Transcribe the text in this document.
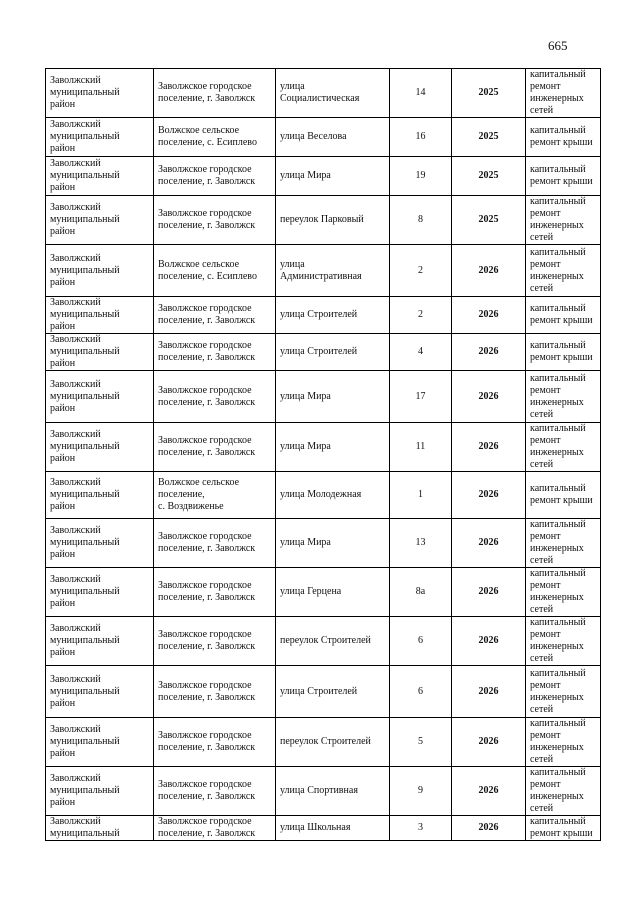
665
Заволжский
муниципальный
район	Заволжское городское
поселение, г. Заволжск	улица
Социалистическая	14	2025	капитальный
ремонт
инженерных
сетей
Заволжский
муниципальный
район	Волжское сельское
поселение, с. Есиплево	улица Веселова	16	2025	капитальный
ремонт крыши
Заволжский
муниципальный
район	Заволжское городское
поселение, г. Заволжск	улица Мира	19	2025	капитальный
ремонт крыши
Заволжский
муниципальный
район	Заволжское городское
поселение, г. Заволжск	переулок Парковый	8	2025	капитальный
ремонт
инженерных
сетей
Заволжский
муниципальный
район	Волжское сельское
поселение, с. Есиплево	улица
Административная	2	2026	капитальный
ремонт
инженерных
сетей
Заволжский
муниципальный
район	Заволжское городское
поселение, г. Заволжск	улица Строителей	2	2026	капитальный
ремонт крыши
Заволжский
муниципальный
район	Заволжское городское
поселение, г. Заволжск	улица Строителей	4	2026	капитальный
ремонт крыши
Заволжский
муниципальный
район	Заволжское городское
поселение, г. Заволжск	улица Мира	17	2026	капитальный
ремонт
инженерных
сетей
Заволжский
муниципальный
район	Заволжское городское
поселение, г. Заволжск	улица Мира	11	2026	капитальный
ремонт
инженерных
сетей
Заволжский
муниципальный
район	Волжское сельское
поселение,
с. Воздвиженье	улица Молодежная	1	2026	капитальный
ремонт крыши
Заволжский
муниципальный
район	Заволжское городское
поселение, г. Заволжск	улица Мира	13	2026	капитальный
ремонт
инженерных
сетей
Заволжский
муниципальный
район	Заволжское городское
поселение, г. Заволжск	улица Герцена	8а	2026	капитальный
ремонт
инженерных
сетей
Заволжский
муниципальный
район	Заволжское городское
поселение, г. Заволжск	переулок Строителей	6	2026	капитальный
ремонт
инженерных
сетей
Заволжский
муниципальный
район	Заволжское городское
поселение, г. Заволжск	улица Строителей	6	2026	капитальный
ремонт
инженерных
сетей
Заволжский
муниципальный
район	Заволжское городское
поселение, г. Заволжск	переулок Строителей	5	2026	капитальный
ремонт
инженерных
сетей
Заволжский
муниципальный
район	Заволжское городское
поселение, г. Заволжск	улица Спортивная	9	2026	капитальный
ремонт
инженерных
сетей
Заволжский
муниципальный	Заволжское городское
поселение, г. Заволжск	улица Школьная	3	2026	капитальный
ремонт крыши
